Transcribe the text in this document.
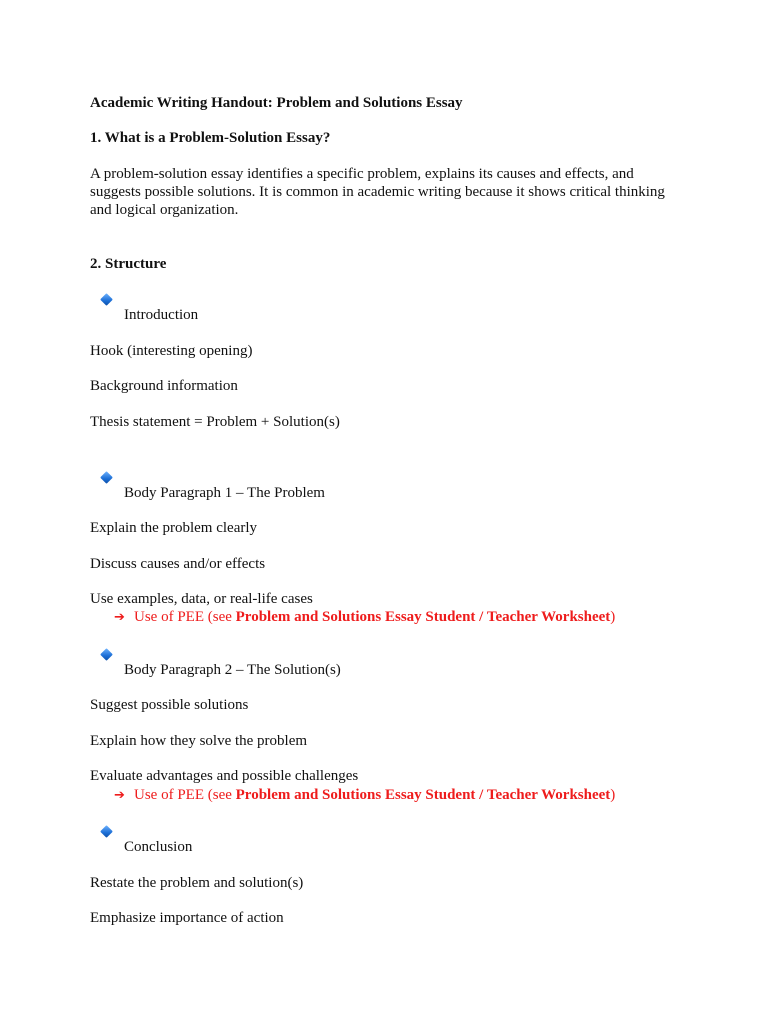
Academic Writing Handout: Problem and Solutions Essay
1. What is a Problem-Solution Essay?
A problem-solution essay identifies a specific problem, explains its causes and effects, and suggests possible solutions. It is common in academic writing because it shows critical thinking and logical organization.
2. Structure
Introduction
Hook (interesting opening)
Background information
Thesis statement = Problem + Solution(s)
Body Paragraph 1 – The Problem
Explain the problem clearly
Discuss causes and/or effects
Use examples, data, or real-life cases
➔ Use of PEE (see Problem and Solutions Essay Student / Teacher Worksheet)
Body Paragraph 2 – The Solution(s)
Suggest possible solutions
Explain how they solve the problem
Evaluate advantages and possible challenges
➔ Use of PEE (see Problem and Solutions Essay Student / Teacher Worksheet)
Conclusion
Restate the problem and solution(s)
Emphasize importance of action
